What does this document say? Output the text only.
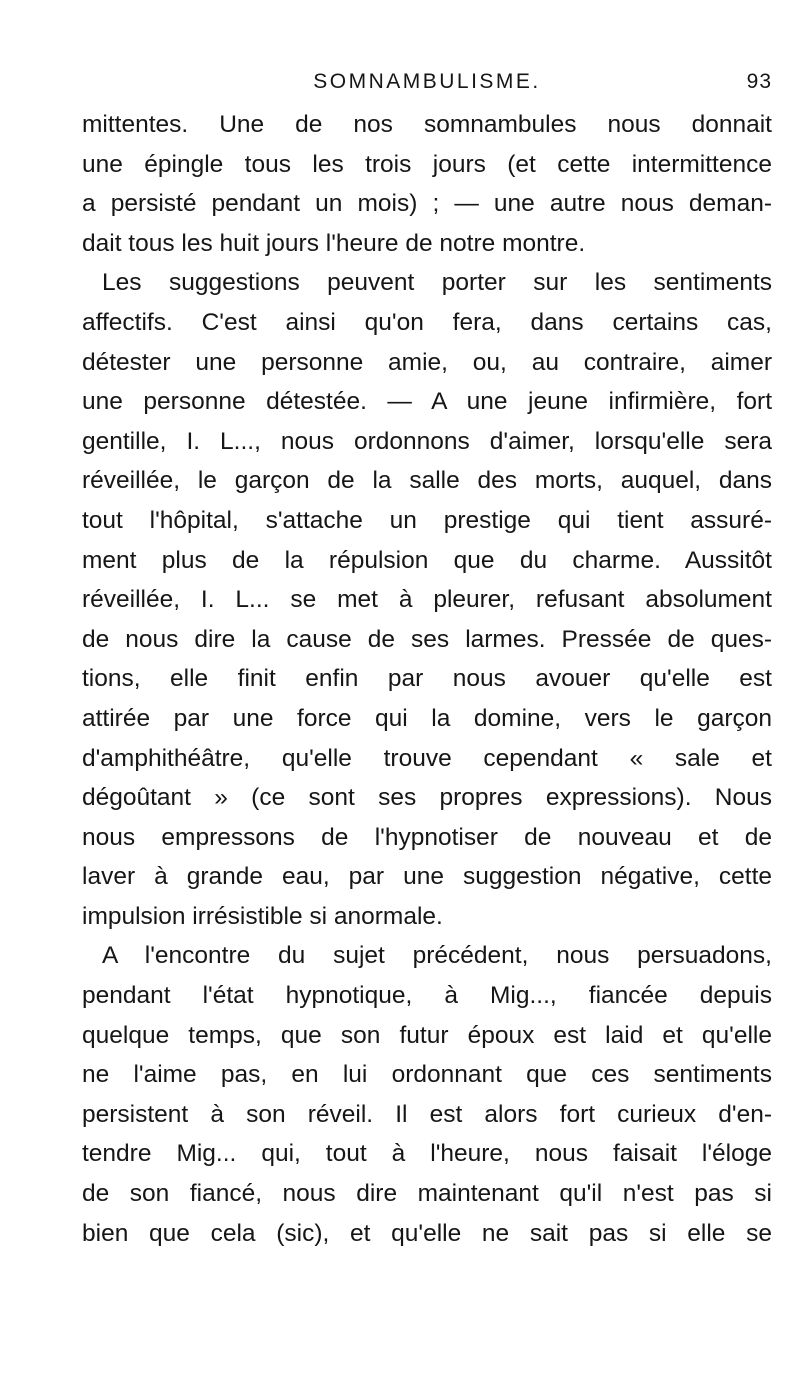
SOMNAMBULISME.	93
mittentes. Une de nos somnambules nous donnait
une épingle tous les trois jours (et cette intermittence
a persisté pendant un mois) ; — une autre nous deman-
dait tous les huit jours l'heure de notre montre.
Les suggestions peuvent porter sur les sentiments
affectifs. C'est ainsi qu'on fera, dans certains cas,
détester une personne amie, ou, au contraire, aimer
une personne détestée. — A une jeune infirmière, fort
gentille, I. L..., nous ordonnons d'aimer, lorsqu'elle sera
réveillée, le garçon de la salle des morts, auquel, dans
tout l'hôpital, s'attache un prestige qui tient assuré-
ment plus de la répulsion que du charme. Aussitôt
réveillée, I. L... se met à pleurer, refusant absolument
de nous dire la cause de ses larmes. Pressée de ques-
tions, elle finit enfin par nous avouer qu'elle est
attirée par une force qui la domine, vers le garçon
d'amphithéâtre, qu'elle trouve cependant « sale et
dégoûtant » (ce sont ses propres expressions). Nous
nous empressons de l'hypnotiser de nouveau et de
laver à grande eau, par une suggestion négative, cette
impulsion irrésistible si anormale.
A l'encontre du sujet précédent, nous persuadons,
pendant l'état hypnotique, à Mig..., fiancée depuis
quelque temps, que son futur époux est laid et qu'elle
ne l'aime pas, en lui ordonnant que ces sentiments
persistent à son réveil. Il est alors fort curieux d'en-
tendre Mig... qui, tout à l'heure, nous faisait l'éloge
de son fiancé, nous dire maintenant qu'il n'est pas si
bien que cela (sic), et qu'elle ne sait pas si elle se
